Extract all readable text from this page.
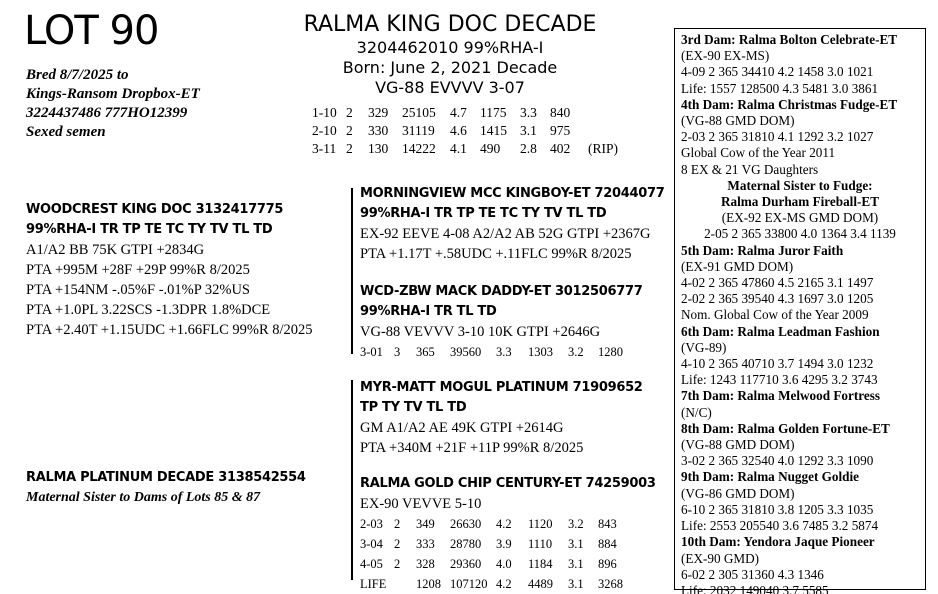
LOT 90
Bred 8/7/2025 to
Kings-Ransom Dropbox-ET
3224437486 777HO12399
Sexed semen
RALMA KING DOC DECADE
3204462010 99%RHA-I
Born: June 2, 2021 Decade
VG-88 EVVVV 3-07
1-10	2	329	25105	4.7	1175	3.3	840	
2-10	2	330	31119	4.6	1415	3.1	975	
3-11	2	130	14222	4.1	490	2.8	402	(RIP)
WOODCREST KING DOC 3132417775
99%RHA-I TR TP TE TC TY TV TL TD
A1/A2 BB 75K GTPI +2834G
PTA +995M +28F +29P 99%R 8/2025
PTA +154NM -.05%F -.01%P 32%US
PTA +1.0PL 3.22SCS -1.3DPR 1.8%DCE
PTA +2.40T +1.15UDC +1.66FLC 99%R 8/2025
MORNINGVIEW MCC KINGBOY-ET 72044077
99%RHA-I TR TP TE TC TY TV TL TD
EX-92 EEVE 4-08 A2/A2 AB 52G GTPI +2367G
PTA +1.17T +.58UDC +.11FLC 99%R 8/2025
WCD-ZBW MACK DADDY-ET 3012506777
99%RHA-I TR TL TD
VG-88 VEVVV 3-10 10K GTPI +2646G
3-01	3	365	39560	3.3	1303	3.2	1280
MYR-MATT MOGUL PLATINUM 71909652
TP TY TV TL TD
GM A1/A2 AE 49K GTPI +2614G
PTA +340M +21F +11P 99%R 8/2025
RALMA GOLD CHIP CENTURY-ET 74259003
EX-90 VEVVE 5-10
2-03	2	349	26630	4.2	1120	3.2	843
3-04	2	333	28780	3.9	1110	3.1	884
4-05	2	328	29360	4.0	1184	3.1	896
LIFE		1208	107120	4.2	4489	3.1	3268
RALMA PLATINUM DECADE 3138542554
Maternal Sister to Dams of Lots 85 & 87
3rd Dam: Ralma Bolton Celebrate-ET
(EX-90 EX-MS)
4-09 2 365 34410 4.2 1458 3.0 1021
Life: 1557 128500 4.3 5481 3.0 3861
4th Dam: Ralma Christmas Fudge-ET
(VG-88 GMD DOM)
2-03 2 365 31810 4.1 1292 3.2 1027
Global Cow of the Year 2011
8 EX & 21 VG Daughters
Maternal Sister to Fudge:
Ralma Durham Fireball-ET
(EX-92 EX-MS GMD DOM)
2-05 2 365 33800 4.0 1364 3.4 1139
5th Dam: Ralma Juror Faith
(EX-91 GMD DOM)
4-02 2 365 47860 4.5 2165 3.1 1497
2-02 2 365 39540 4.3 1697 3.0 1205
Nom. Global Cow of the Year 2009
6th Dam: Ralma Leadman Fashion
(VG-89)
4-10 2 365 40710 3.7 1494 3.0 1232
Life: 1243 117710 3.6 4295 3.2 3743
7th Dam: Ralma Melwood Fortress
(N/C)
8th Dam: Ralma Golden Fortune-ET
(VG-88 GMD DOM)
3-02 2 365 32540 4.0 1292 3.3 1090
9th Dam: Ralma Nugget Goldie
(VG-86 GMD DOM)
6-10 2 365 31810 3.8 1205 3.3 1035
Life: 2553 205540 3.6 7485 3.2 5874
10th Dam: Yendora Jaque Pioneer
(EX-90 GMD)
6-02 2 305 31360 4.3 1346
Life: 2032 149040 3.7 5585
